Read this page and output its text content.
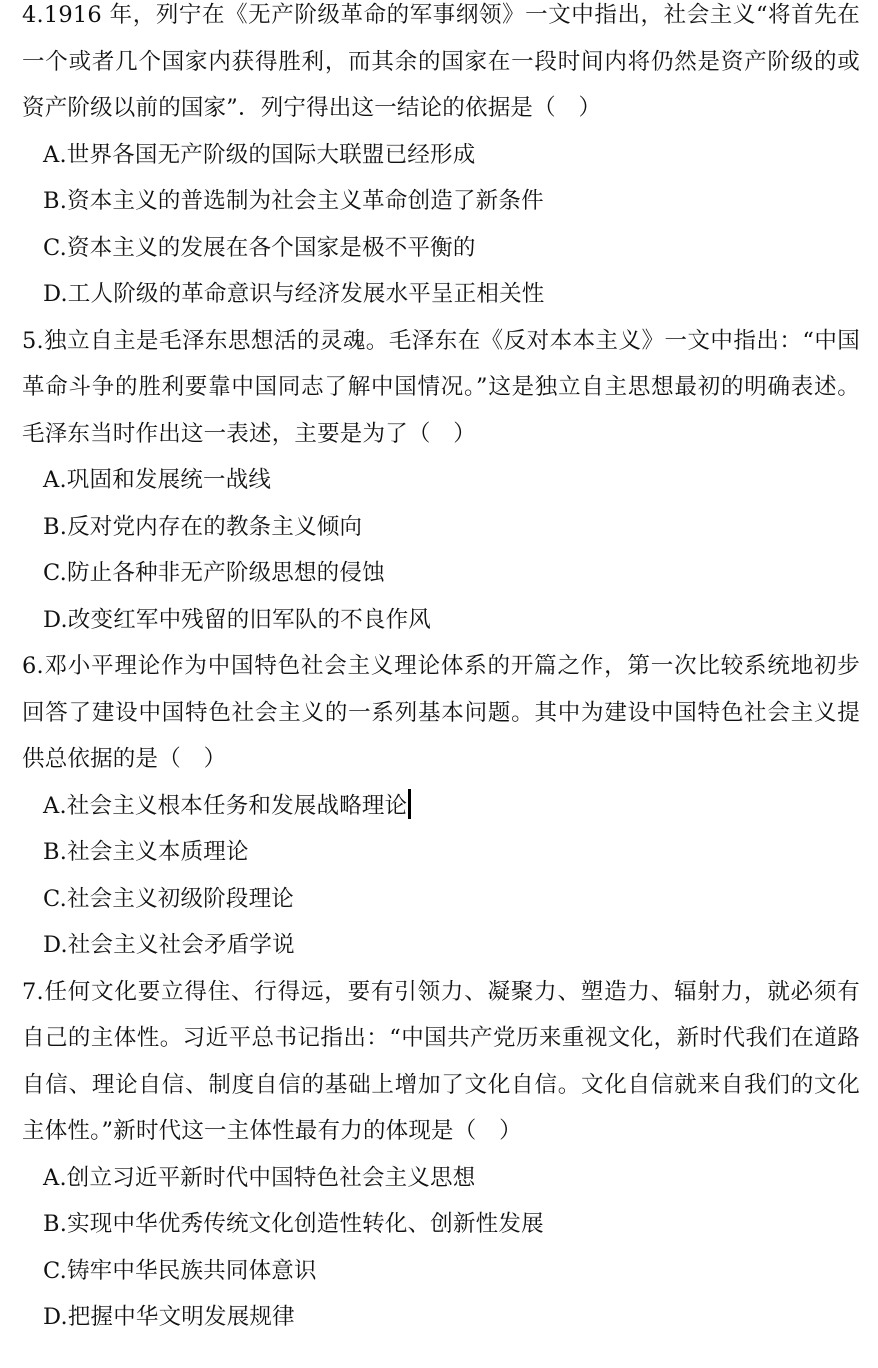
4.1916 年，列宁在《无产阶级革命的军事纲领》一文中指出，社会主义“将首先在一个或者几个国家内获得胜利，而其余的国家在一段时间内将仍然是资产阶级的或资产阶级以前的国家”．列宁得出这一结论的依据是（　）

A.世界各国无产阶级的国际大联盟已经形成

B.资本主义的普选制为社会主义革命创造了新条件

C.资本主义的发展在各个国家是极不平衡的

D.工人阶级的革命意识与经济发展水平呈正相关性

5.独立自主是毛泽东思想活的灵魂。毛泽东在《反对本本主义》一文中指出：“中国革命斗争的胜利要靠中国同志了解中国情况。”这是独立自主思想最初的明确表述。毛泽东当时作出这一表述，主要是为了（　）

A.巩固和发展统一战线

B.反对党内存在的教条主义倾向

C.防止各种非无产阶级思想的侵蚀

D.改变红军中残留的旧军队的不良作风

6.邓小平理论作为中国特色社会主义理论体系的开篇之作，第一次比较系统地初步回答了建设中国特色社会主义的一系列基本问题。其中为建设中国特色社会主义提供总依据的是（　）

A.社会主义根本任务和发展战略理论

B.社会主义本质理论

C.社会主义初级阶段理论

D.社会主义社会矛盾学说

7.任何文化要立得住、行得远，要有引领力、凝聚力、塑造力、辐射力，就必须有自己的主体性。习近平总书记指出：“中国共产党历来重视文化，新时代我们在道路自信、理论自信、制度自信的基础上增加了文化自信。文化自信就来自我们的文化主体性。”新时代这一主体性最有力的体现是（　）

A.创立习近平新时代中国特色社会主义思想

B.实现中华优秀传统文化创造性转化、创新性发展

C.铸牢中华民族共同体意识

D.把握中华文明发展规律
